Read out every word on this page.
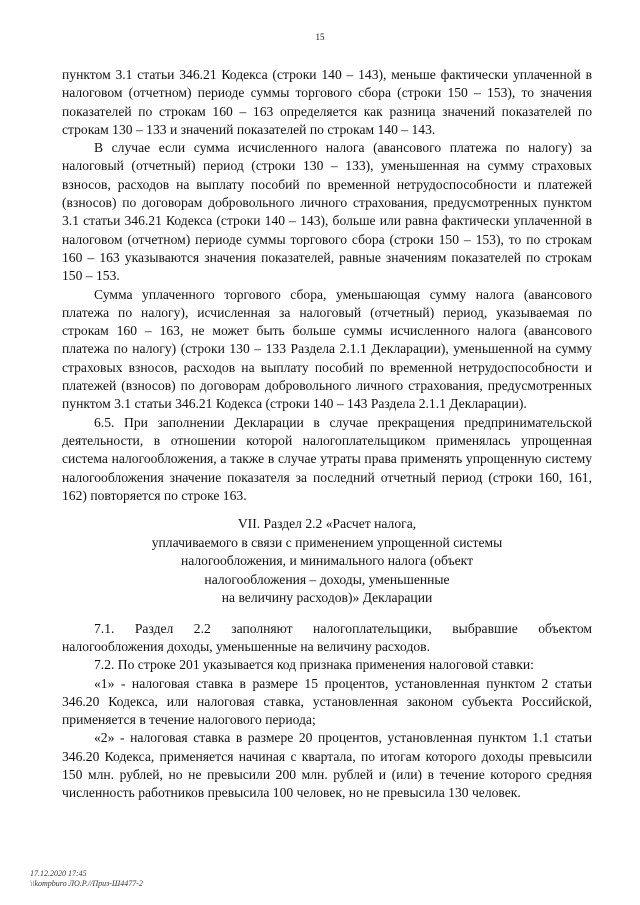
15

пунктом 3.1 статьи 346.21 Кодекса (строки 140 – 143), меньше фактически уплаченной в налоговом (отчетном) периоде суммы торгового сбора (строки 150 – 153), то значения показателей по строкам 160 – 163 определяется как разница значений показателей по строкам 130 – 133 и значений показателей по строкам 140 – 143.

В случае если сумма исчисленного налога (авансового платежа по налогу) за налоговый (отчетный) период (строки 130 – 133), уменьшенная на сумму страховых взносов, расходов на выплату пособий по временной нетрудоспособности и платежей (взносов) по договорам добровольного личного страхования, предусмотренных пунктом 3.1 статьи 346.21 Кодекса (строки 140 – 143), больше или равна фактически уплаченной в налоговом (отчетном) периоде суммы торгового сбора (строки 150 – 153), то по строкам 160 – 163 указываются значения показателей, равные значениям показателей по строкам 150 – 153.

Сумма уплаченного торгового сбора, уменьшающая сумму налога (авансового платежа по налогу), исчисленная за налоговый (отчетный) период, указываемая по строкам 160 – 163, не может быть больше суммы исчисленного налога (авансового платежа по налогу) (строки 130 – 133 Раздела 2.1.1 Декларации), уменьшенной на сумму страховых взносов, расходов на выплату пособий по временной нетрудоспособности и платежей (взносов) по договорам добровольного личного страхования, предусмотренных пунктом 3.1 статьи 346.21 Кодекса (строки 140 – 143 Раздела 2.1.1 Декларации).

6.5. При заполнении Декларации в случае прекращения предпринимательской деятельности, в отношении которой налогоплательщиком применялась упрощенная система налогообложения, а также в случае утраты права применять упрощенную систему налогообложения значение показателя за последний отчетный период (строки 160, 161, 162) повторяется по строке 163.

VII. Раздел 2.2 «Расчет налога,
уплачиваемого в связи с применением упрощенной системы
налогообложения, и минимального налога (объект
налогообложения – доходы, уменьшенные
на величину расходов)» Декларации

7.1. Раздел 2.2 заполняют налогоплательщики, выбравшие объектом налогообложения доходы, уменьшенные на величину расходов.

7.2. По строке 201 указывается код признака применения налоговой ставки:

«1» - налоговая ставка в размере 15 процентов, установленная пунктом 2 статьи 346.20 Кодекса, или налоговая ставка, установленная законом субъекта Российской, применяется в течение налогового периода;

«2» - налоговая ставка в размере 20 процентов, установленная пунктом 1.1 статьи 346.20 Кодекса, применяется начиная с квартала, по итогам которого доходы превысили 150 млн. рублей, но не превысили 200 млн. рублей и (или) в течение которого средняя численность работников превысила 100 человек, но не превысила 130 человек.

17.12.2020 17:45
\\kompburo ЛО.Р.//Приз-Ш4477-2
